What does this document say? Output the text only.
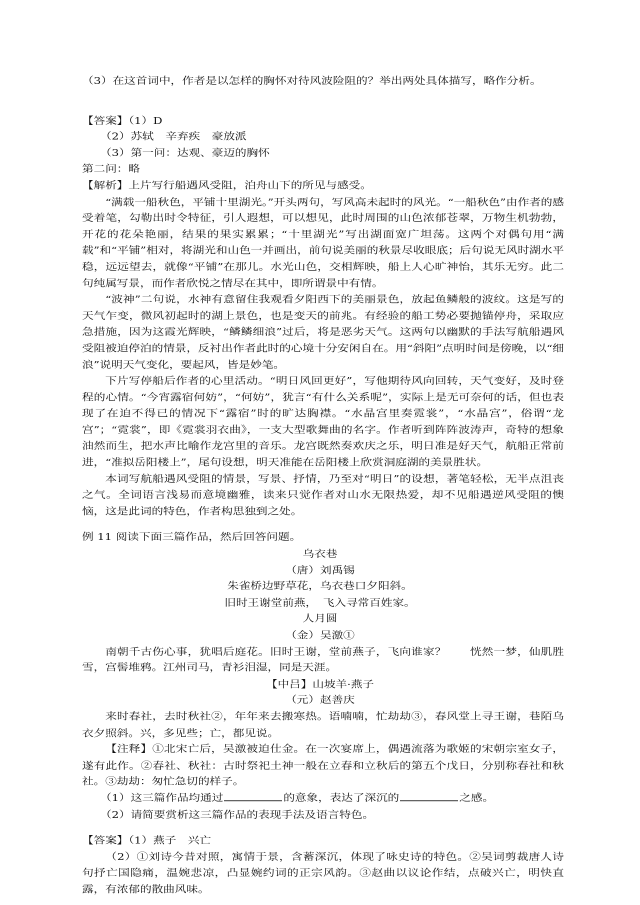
（3）在这首词中，作者是以怎样的胸怀对待风波险阻的？举出两处具体描写，略作分析。
【答案】（1）D
（2）苏轼　辛弃疾　豪放派
（3）第一问：达观、豪迈的胸怀
第二问：略
【解析】上片写行船遇风受阻，泊舟山下的所见与感受。

“满载一船秋色，平铺十里湖光。”开头两句，写风高未起时的风光。“一船秋色”由作者的感受着笔，勾勒出时令特征，引人遐想，可以想见，此时周围的山色浓郁苍翠，万物生机勃勃，开花的花朵艳丽，结果的果实累累；“十里湖光”写出湖面宽广坦荡。这两个对偶句用“满载”和“平铺”相对，将湖光和山色一并画出，前句说美丽的秋景尽收眼底；后句说无风时湖水平稳，远远望去，就像“平铺”在那儿。水光山色，交相辉映，船上人心旷神怡，其乐无穷。此二句纯属写景，而作者欣悦之情尽在其中，即所谓景中有情。

“波神”二句说，水神有意留住我观看夕阳西下的美丽景色，放起鱼鳞般的波纹。这是写的天气乍变，微风初起时的湖上景色，也是变天的前兆。有经验的船工势必要抛锚停舟，采取应急措施，因为这霞光辉映，“鳞鳞细浪”过后，将是恶劣天气。这两句以幽默的手法写航船遇风受阻被迫停泊的情景，反衬出作者此时的心境十分安闲自在。用“斜阳”点明时间是傍晚，以“细浪”说明天气变化，要起风，皆是妙笔。

下片写停船后作者的心里活动。“明日风回更好”，写他期待风向回转，天气变好，及时登程的心情。“今宵露宿何妨”，“何妨”，犹言“有什么关系呢”，实际上是无可奈何的话，但也表现了在迫不得已的情况下“露宿”时的旷达胸襟。“水晶宫里奏霓裳”，“水晶宫”，俗谓“龙宫”；“霓裳”，即《霓裳羽衣曲》，一支大型歌舞曲的名字。作者听到阵阵波涛声，奇特的想象油然而生，把水声比喻作龙宫里的音乐。龙宫既然奏欢庆之乐，明日准是好天气，航船正常前进，“准拟岳阳楼上”，尾句设想，明天准能在岳阳楼上欣赏洞庭湖的美景胜状。

本词写航船遇风受阻的情景，写景、抒情，乃至对“明日”的设想，著笔轻松，无半点沮丧之气。全词语言浅易而意境幽雅，读来只觉作者对山水无限热爱，却不见船遇逆风受阻的懊恼，这是此词的特色，作者构思独到之处。

例 11 阅读下面三篇作品，然后回答问题。
乌衣巷
（唐）刘禹锡
朱雀桥边野草花，乌衣巷口夕阳斜。
旧时王谢堂前燕，　飞入寻常百姓家。
人月圆
（金）吴激①

南朝千古伤心事，犹唱后庭花。旧时王谢，堂前燕子，飞向谁家？　　恍然一梦，仙肌胜雪，宫髻堆鸦。江州司马，青衫泪湿，同是天涯。

【中吕】山坡羊·燕子
（元）赵善庆

来时春社，去时秋社②，年年来去搬寒热。语喃喃，忙劫劫③，春风堂上寻王谢，巷陌乌衣夕照斜。兴，多见些；亡，都见说。

【注释】①北宋亡后，吴激被迫仕金。在一次宴席上，偶遇流落为歌姬的宋朝宗室女子，遂有此作。②春社、秋社：古时祭祀土神一般在立春和立秋后的第五个戊日，分别称春社和秋社。③劫劫：匆忙急切的样子。

（1）这三篇作品均通过	的意象，表达了深沉的	之感。
（2）请简要赏析这三篇作品的表现手法及语言特色。
【答案】（1）燕子　兴亡

（2）①刘诗今昔对照，寓情于景，含蓄深沉，体现了咏史诗的特色。②吴词剪裁唐人诗句抒亡国隐痛，温婉悲凉，凸显婉约词的正宗风韵。③赵曲以议论作结，点破兴亡，明快直露，有浓郁的散曲风味。
